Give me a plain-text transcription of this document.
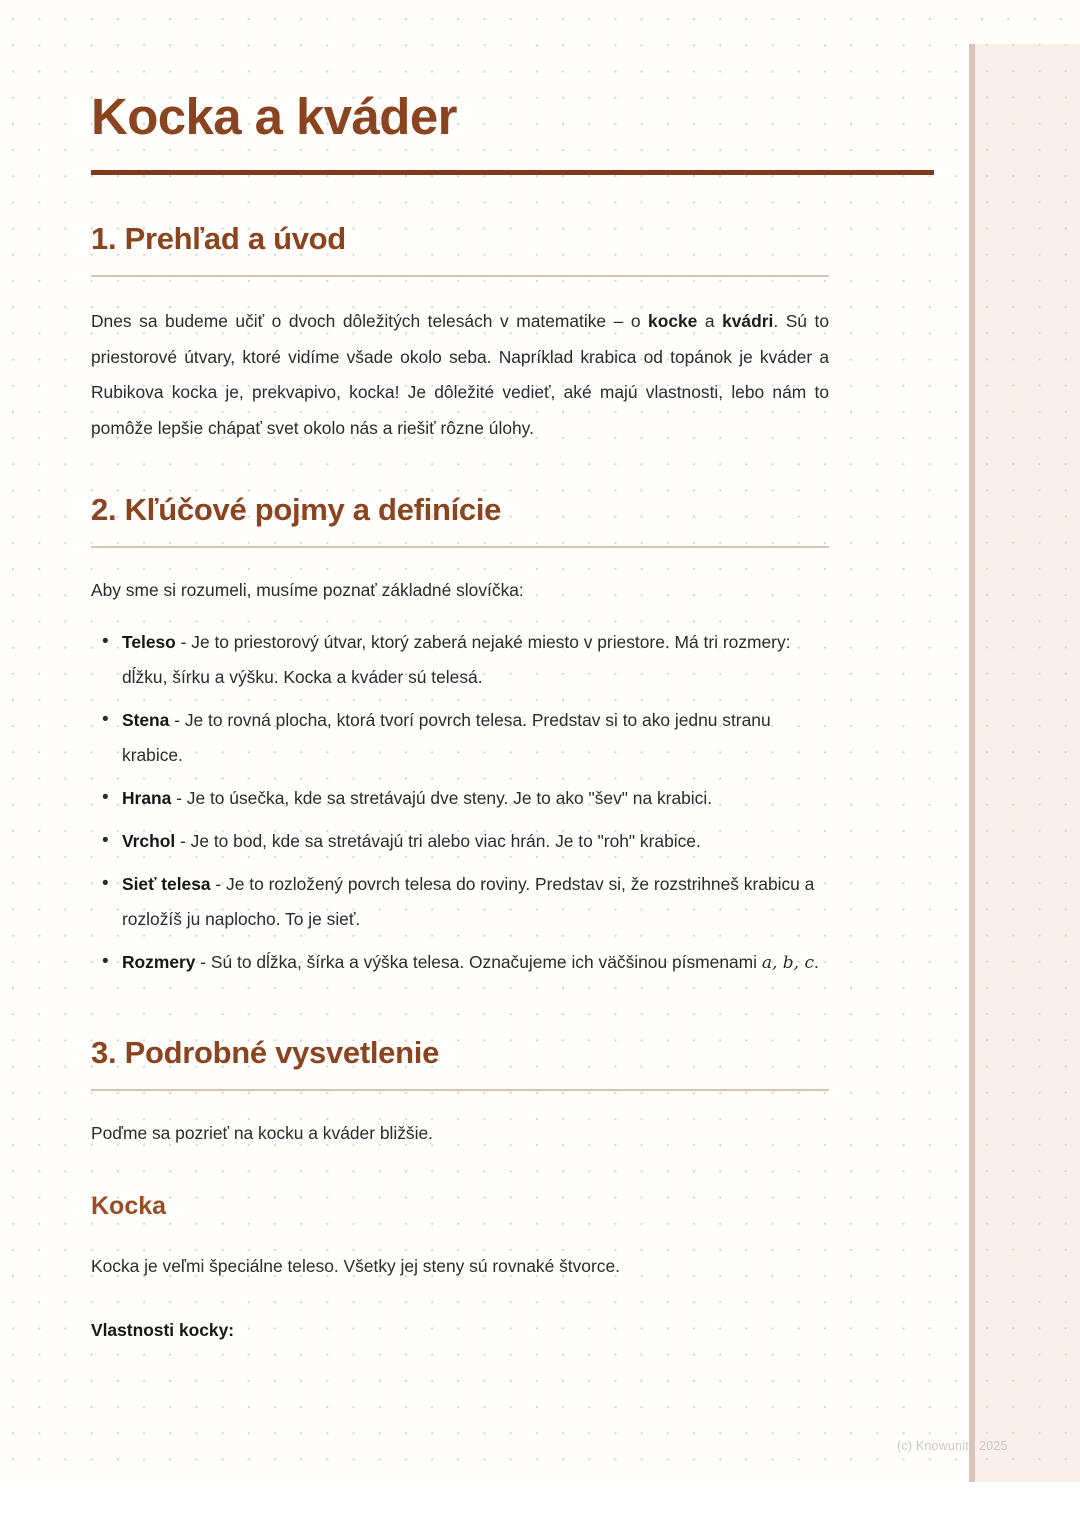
Kocka a kváder
1. Prehľad a úvod

Dnes sa budeme učiť o dvoch dôležitých telesách v matematike – o kocke a kvádri. Sú to priestorové útvary, ktoré vidíme všade okolo seba. Napríklad krabica od topánok je kváder a Rubikova kocka je, prekvapivo, kocka! Je dôležité vedieť, aké majú vlastnosti, lebo nám to pomôže lepšie chápať svet okolo nás a riešiť rôzne úlohy.

2. Kľúčové pojmy a definície

Aby sme si rozumeli, musíme poznať základné slovíčka:

• Teleso - Je to priestorový útvar, ktorý zaberá nejaké miesto v priestore. Má tri rozmery: dĺžku, šírku a výšku. Kocka a kváder sú telesá.
• Stena - Je to rovná plocha, ktorá tvorí povrch telesa. Predstav si to ako jednu stranu krabice.
• Hrana - Je to úsečka, kde sa stretávajú dve steny. Je to ako "šev" na krabici.
• Vrchol - Je to bod, kde sa stretávajú tri alebo viac hrán. Je to "roh" krabice.
• Sieť telesa - Je to rozložený povrch telesa do roviny. Predstav si, že rozstrihneš krabicu a rozložíš ju naplocho. To je sieť.
• Rozmery - Sú to dĺžka, šírka a výška telesa. Označujeme ich väčšinou písmenami a, b, c.
3. Podrobné vysvetlenie

Poďme sa pozrieť na kocku a kváder bližšie.

Kocka

Kocka je veľmi špeciálne teleso. Všetky jej steny sú rovnaké štvorce.

Vlastnosti kocky:

(c) Knowunity 2025
